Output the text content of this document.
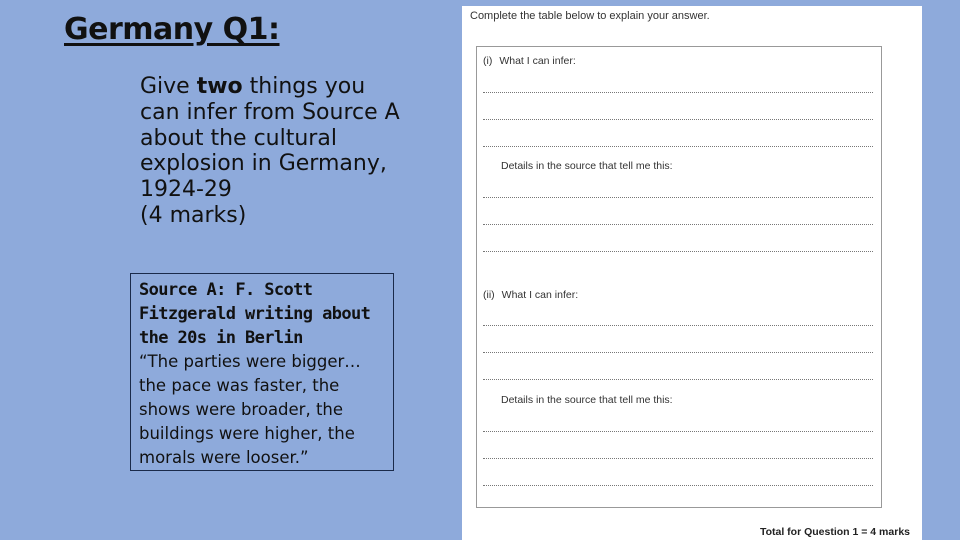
Germany Q1:
Give two things you can infer from Source A about the cultural explosion in Germany, 1924-29
(4 marks)
Source A: F. Scott Fitzgerald writing about the 20s in Berlin
“The parties were bigger… the pace was faster, the shows were broader, the buildings were higher, the morals were looser.”
Complete the table below to explain your answer.
(i) What I can infer:
Details in the source that tell me this:
(ii) What I can infer:
Details in the source that tell me this:
Total for Question 1 = 4 marks
